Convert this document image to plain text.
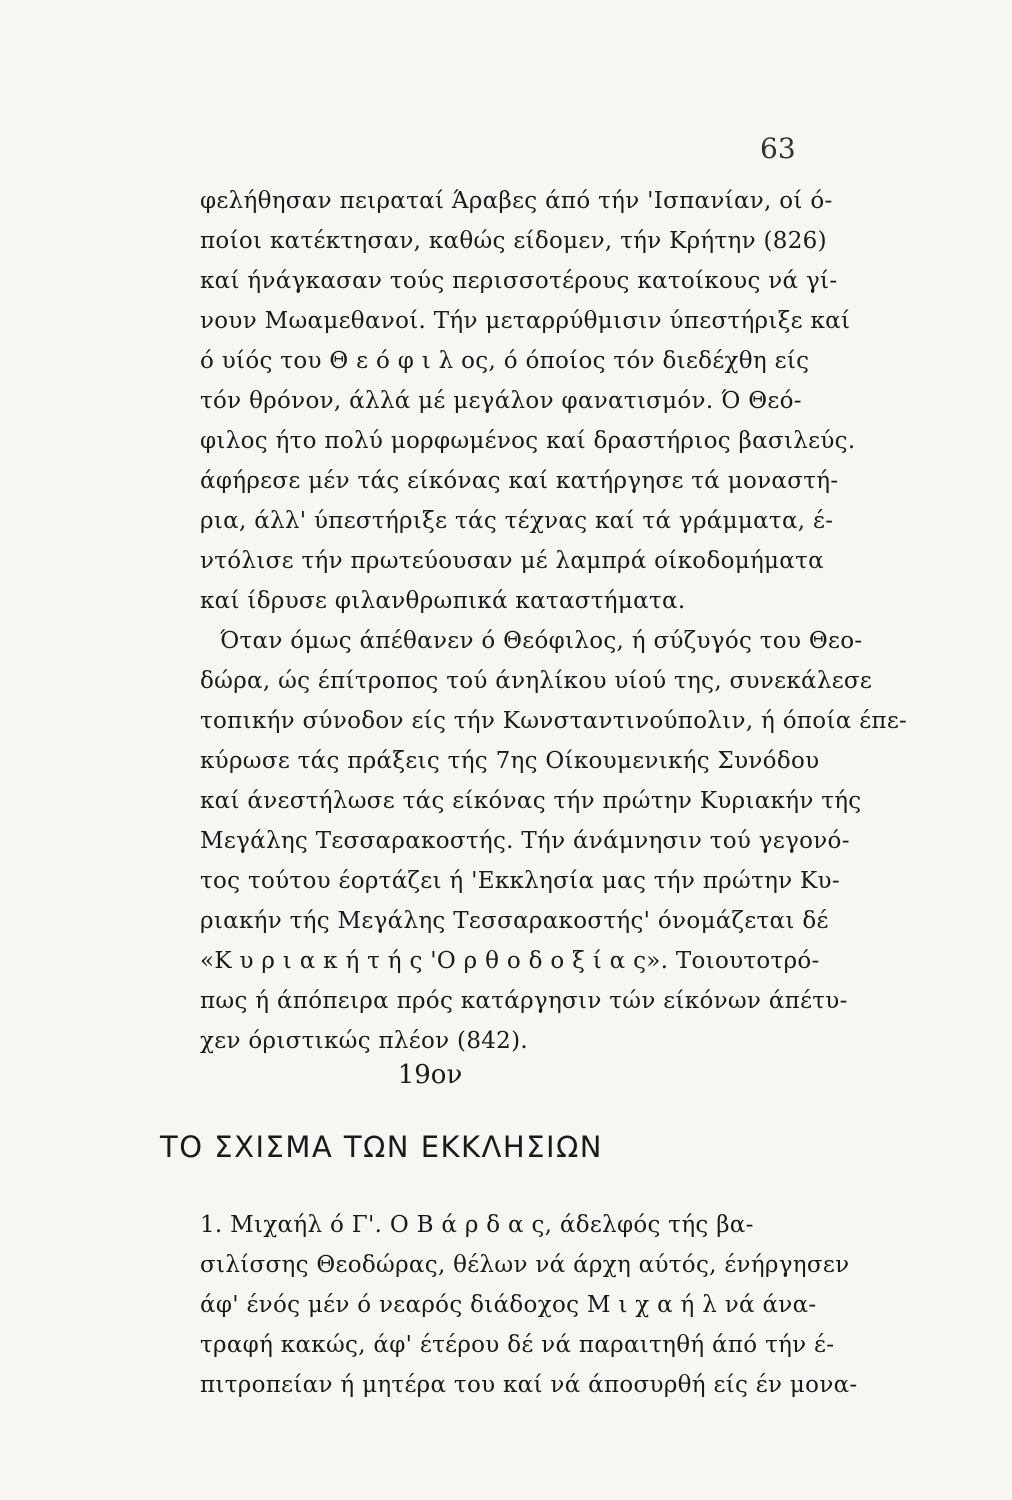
63
φελήθησαν πειραταί Άραβες άπό τήν 'Ισπανίαν, οί ό-
ποίοι κατέκτησαν, καθώς είδομεν, τήν Κρήτην (826)
καί ήνάγκασαν τούς περισσοτέρους κατοίκους νά γί-
νουν Μωαμεθανοί. Τήν μεταρρύθμισιν ύπεστήριξε καί
ό υίός του Θ ε ό φ ι λ ος, ό όποίος τόν διεδέχθη είς
τόν θρόνον, άλλά μέ μεγάλον φανατισμόν. Ό Θεό-
φιλος ήτο πολύ μορφωμένος καί δραστήριος βασιλεύς.
άφήρεσε μέν τάς είκόνας καί κατήργησε τά μοναστή-
ρια, άλλ' ύπεστήριξε τάς τέχνας καί τά γράμματα, έ-
ντόλισε τήν πρωτεύουσαν μέ λαμπρά οίκοδομήματα
καί ίδρυσε φιλανθρωπικά καταστήματα.
Όταν όμως άπέθανεν ό Θεόφιλος, ή σύζυγός του Θεο-
δώρα, ώς έπίτροπος τού άνηλίκου υίού της, συνεκάλεσε
τοπικήν σύνοδον είς τήν Κωνσταντινούπολιν, ή όποία έπε-
κύρωσε τάς πράξεις τής 7ης Οίκουμενικής Συνόδου
καί άνεστήλωσε τάς είκόνας τήν πρώτην Κυριακήν τής
Μεγάλης Τεσσαρακοστής. Τήν άνάμνησιν τού γεγονό-
τος τούτου έορτάζει ή 'Εκκλησία μας τήν πρώτην Κυ-
ριακήν τής Μεγάλης Τεσσαρακοστής' όνομάζεται δέ
«Κ υ ρ ι α κ ή τ ή ς 'Ο ρ θ ο δ ο ξ ί α ς». Τοιουτοτρό-
πως ή άπόπειρα πρός κατάργησιν τών είκόνων άπέτυ-
χεν όριστικώς πλέον (842).
19ον
ΤΟ ΣΧΙΣΜΑ ΤΩΝ ΕΚΚΛΗΣΙΩΝ
1. Μιχαήλ ό Γ'. Ο Β ά ρ δ α ς, άδελφός τής βα-
σιλίσσης Θεοδώρας, θέλων νά άρχη αύτός, ένήργησεν
άφ' ένός μέν ό νεαρός διάδοχος Μ ι χ α ή λ νά άνα-
τραφή κακώς, άφ' έτέρου δέ νά παραιτηθή άπό τήν έ-
πιτροπείαν ή μητέρα του καί νά άποσυρθή είς έν μονα-
